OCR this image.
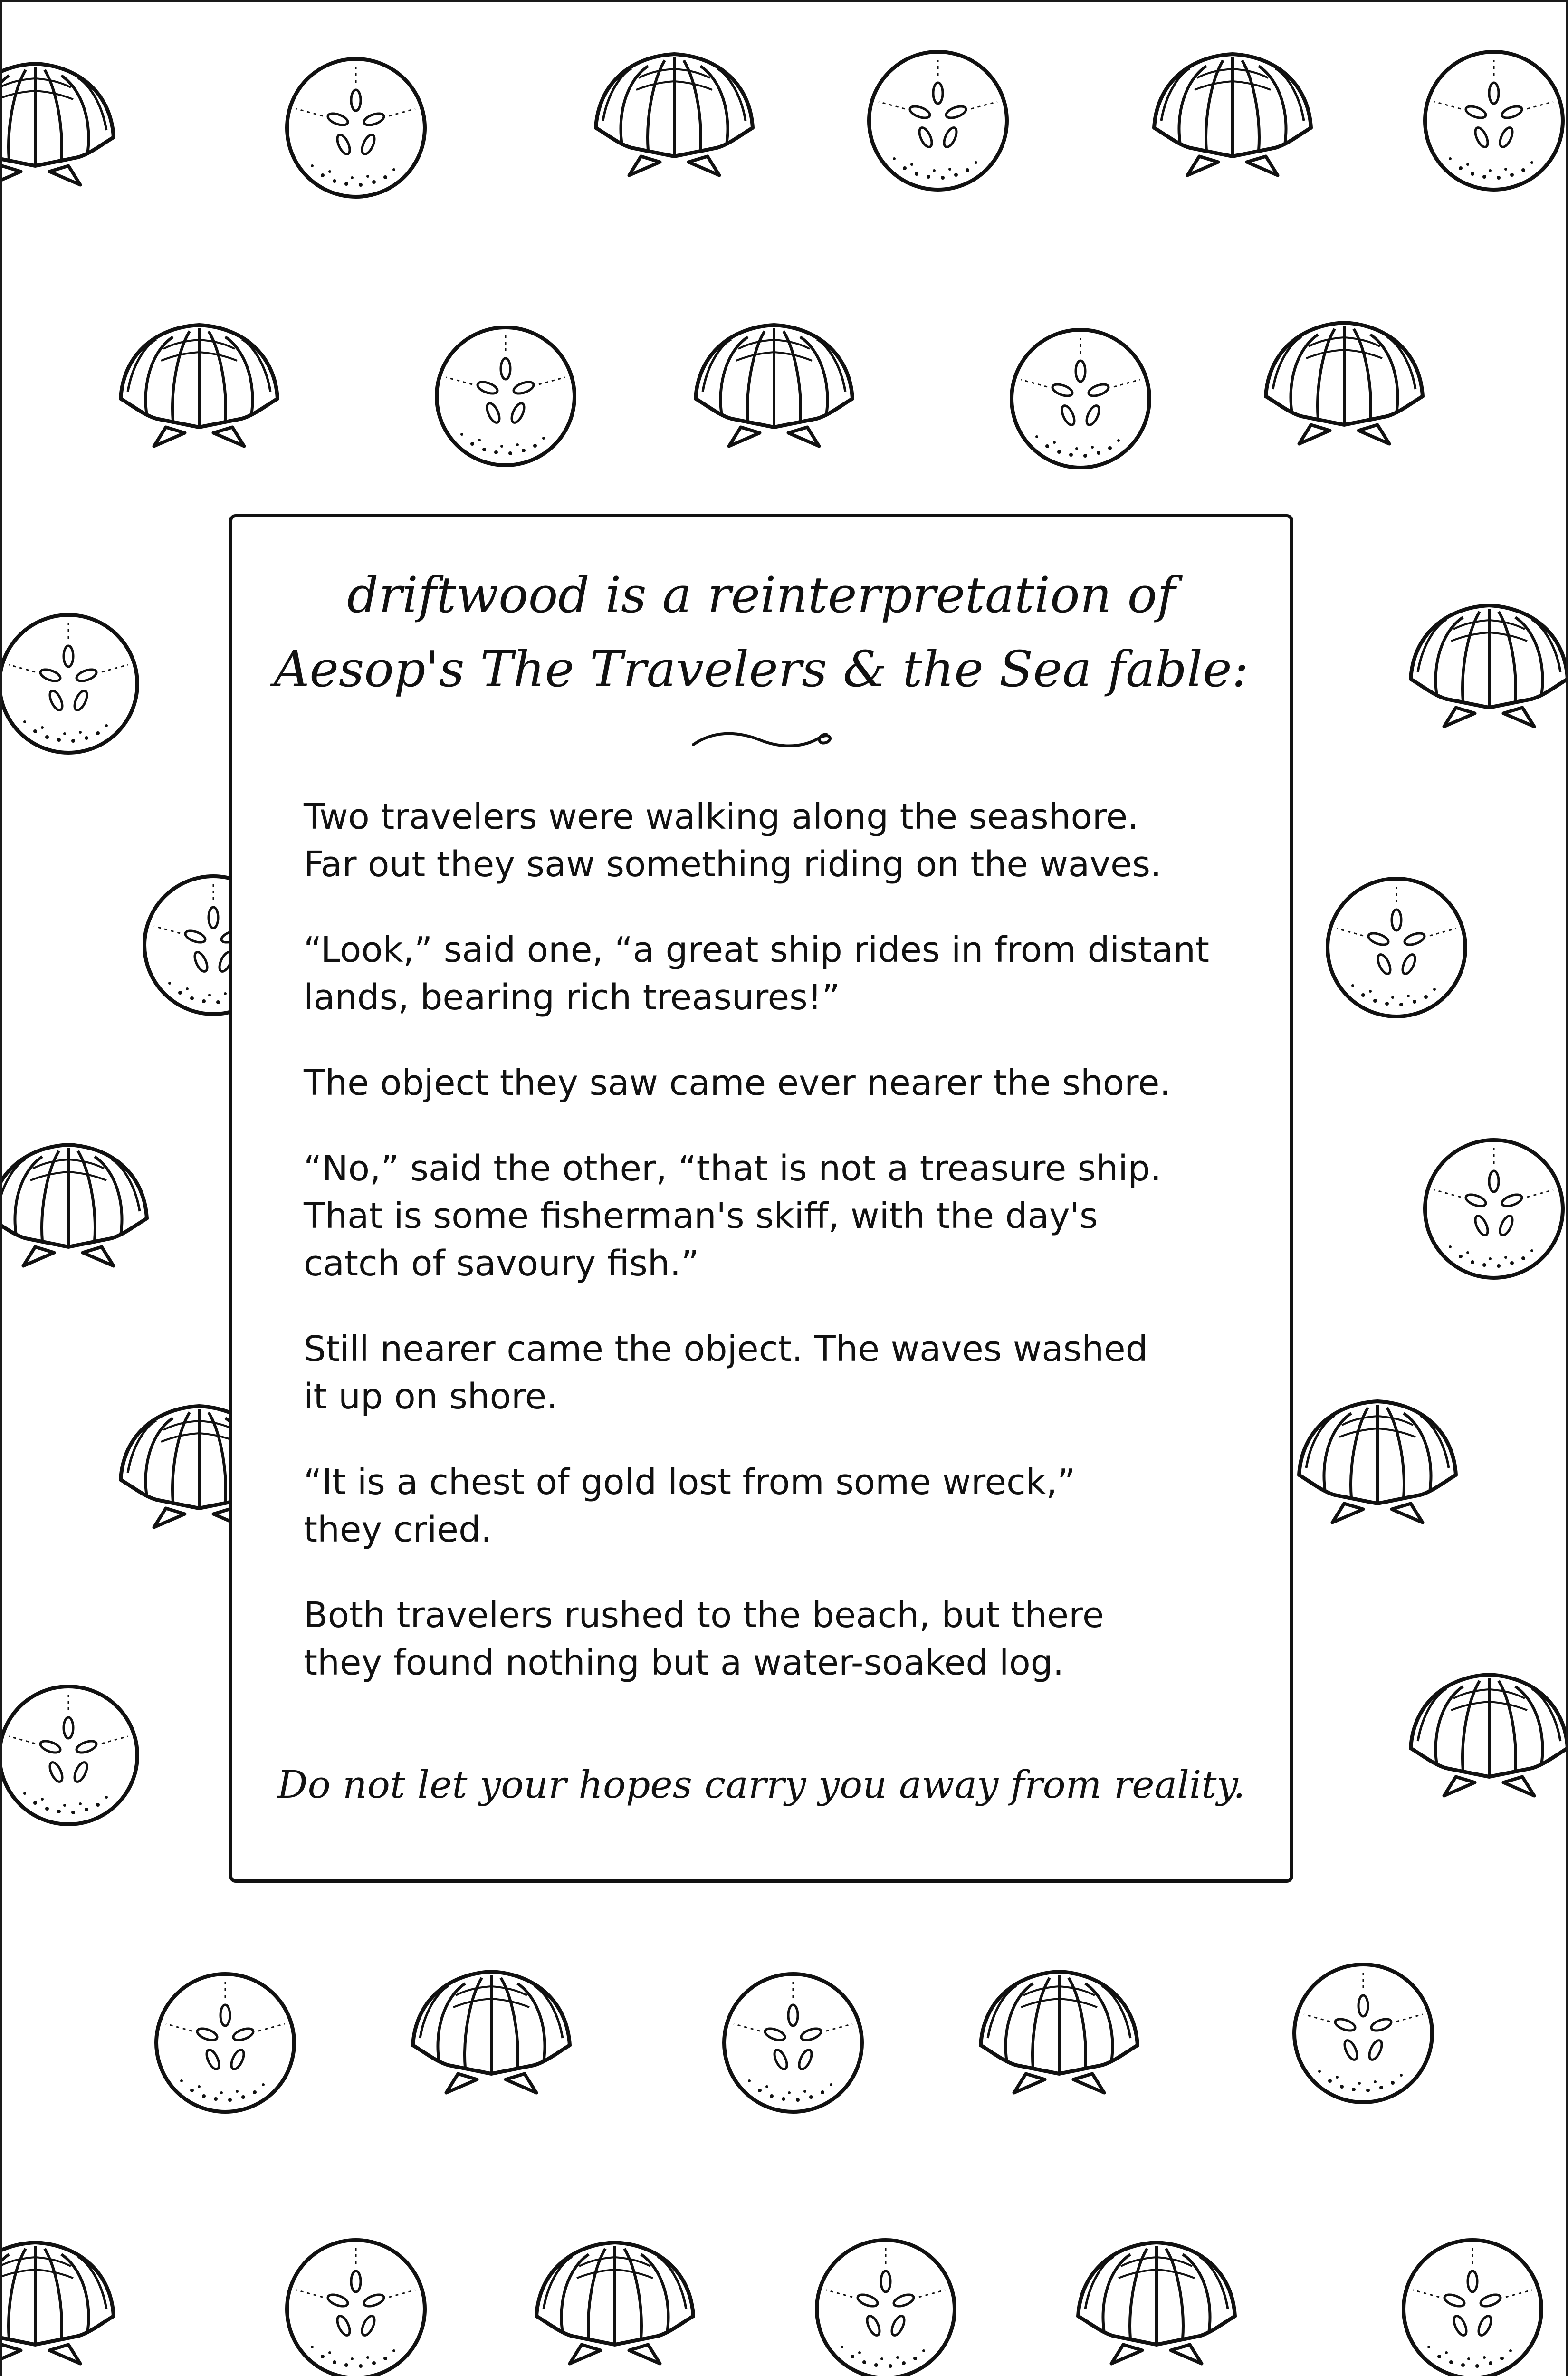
driftwood is a reinterpretation of
Aesop's The Travelers & the Sea fable:
Two travelers were walking along the seashore.
Far out they saw something riding on the waves.
“Look,” said one, “a great ship rides in from distant
lands, bearing rich treasures!”
The object they saw came ever nearer the shore.
“No,” said the other, “that is not a treasure ship.
That is some fisherman's skiff, with the day's
catch of savoury fish.”
Still nearer came the object. The waves washed
it up on shore.
“It is a chest of gold lost from some wreck,”
they cried.
Both travelers rushed to the beach, but there
they found nothing but a water-soaked log.
Do not let your hopes carry you away from reality.
